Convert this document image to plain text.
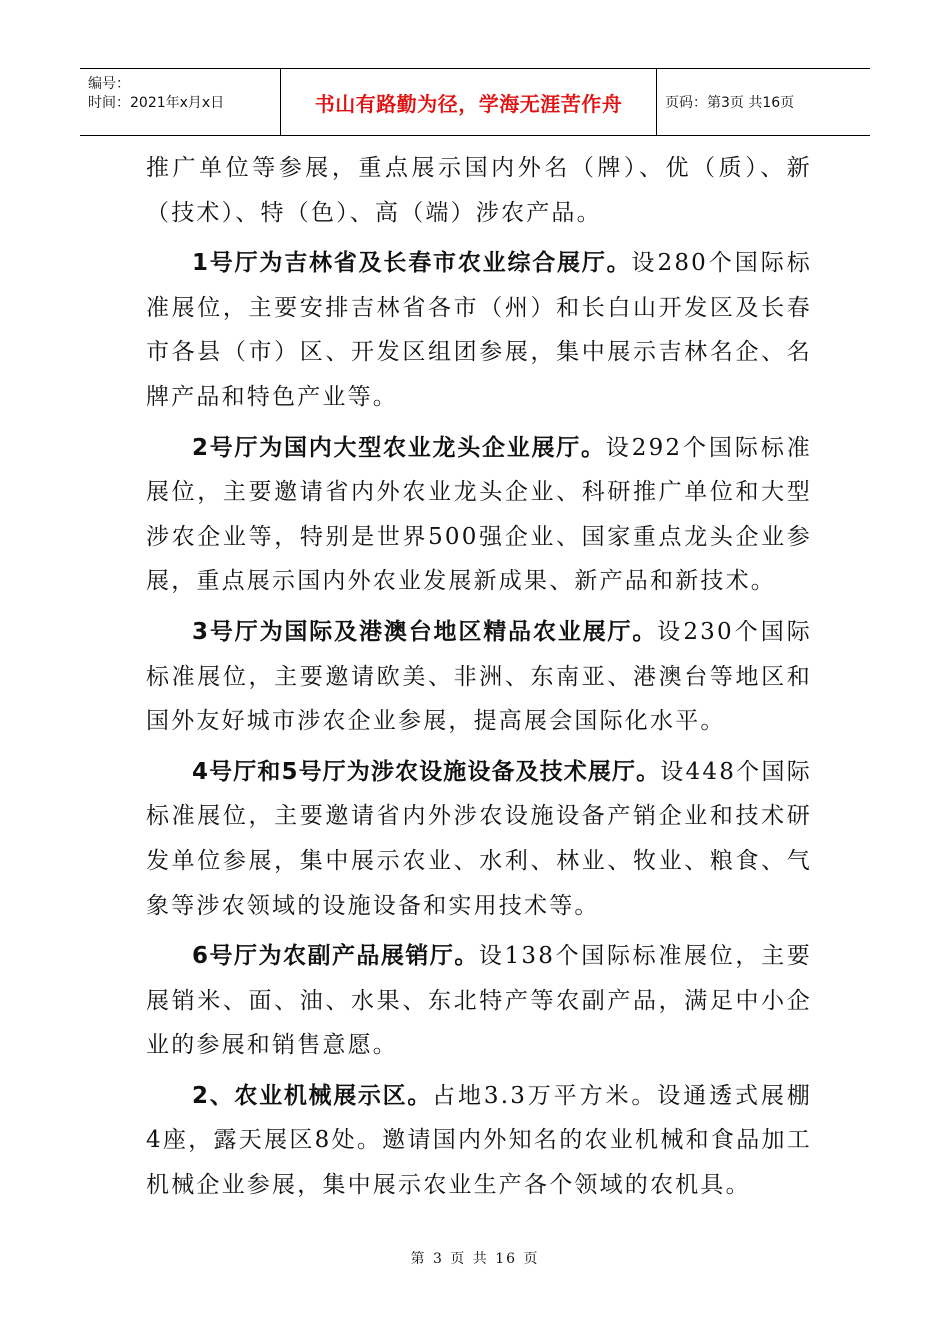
编号：
时间：2021年x月x日	书山有路勤为径，学海无涯苦作舟	页码：第3页 共16页

推广单位等参展，重点展示国内外名（牌）、优（质）、新（技术）、特（色）、高（端）涉农产品。

1号厅为吉林省及长春市农业综合展厅。设280个国际标准展位，主要安排吉林省各市（州）和长白山开发区及长春市各县（市）区、开发区组团参展，集中展示吉林名企、名牌产品和特色产业等。

2号厅为国内大型农业龙头企业展厅。设292个国际标准展位，主要邀请省内外农业龙头企业、科研推广单位和大型涉农企业等，特别是世界500强企业、国家重点龙头企业参展，重点展示国内外农业发展新成果、新产品和新技术。

3号厅为国际及港澳台地区精品农业展厅。设230个国际标准展位，主要邀请欧美、非洲、东南亚、港澳台等地区和国外友好城市涉农企业参展，提高展会国际化水平。

4号厅和5号厅为涉农设施设备及技术展厅。设448个国际标准展位，主要邀请省内外涉农设施设备产销企业和技术研发单位参展，集中展示农业、水利、林业、牧业、粮食、气象等涉农领域的设施设备和实用技术等。

6号厅为农副产品展销厅。设138个国际标准展位，主要展销米、面、油、水果、东北特产等农副产品，满足中小企业的参展和销售意愿。

2、农业机械展示区。占地3.3万平方米。设通透式展棚4座，露天展区8处。邀请国内外知名的农业机械和食品加工机械企业参展，集中展示农业生产各个领域的农机具。

第 3 页 共 16 页
